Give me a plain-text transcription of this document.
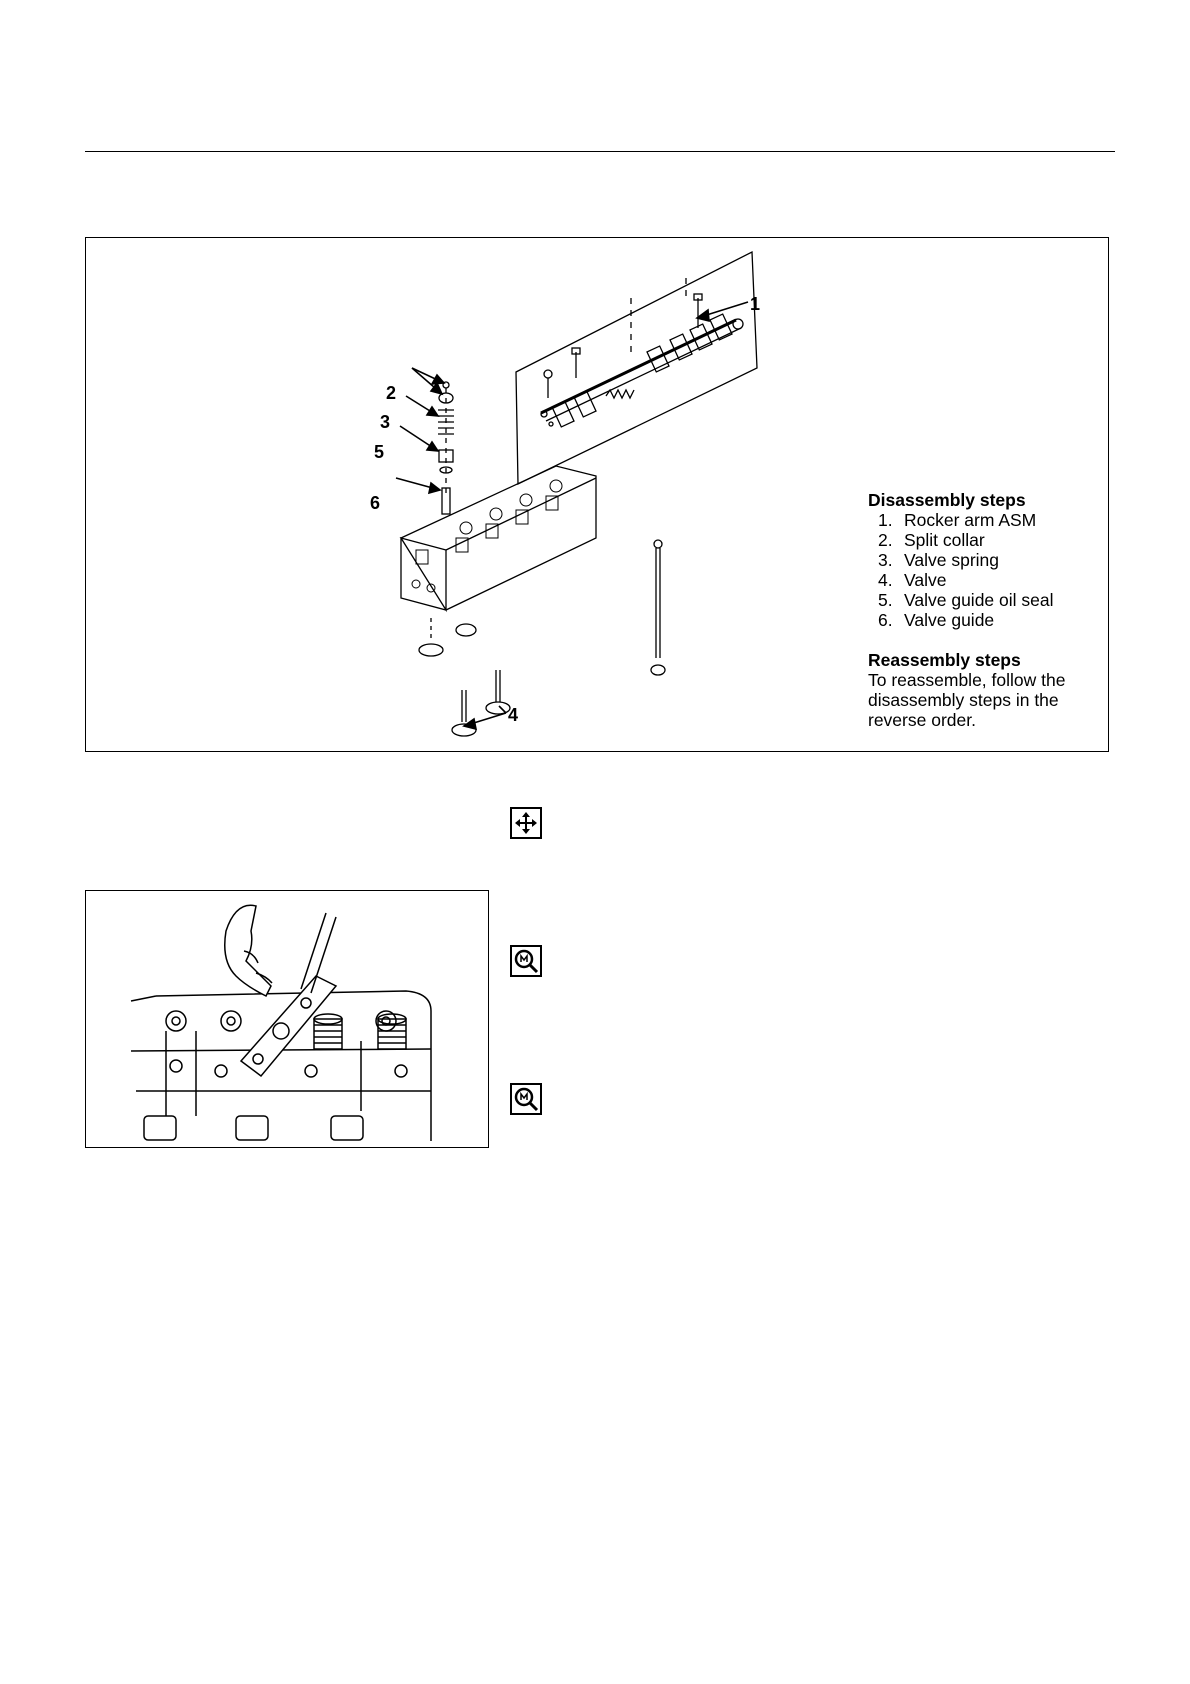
1
2
3
5
6
4

Disassembly steps

1. Rocker arm ASM
2. Split collar
3. Valve spring
4. Valve
5. Valve guide oil seal
6. Valve guide

Reassembly steps

To reassemble, follow the disassembly steps in the reverse order.
